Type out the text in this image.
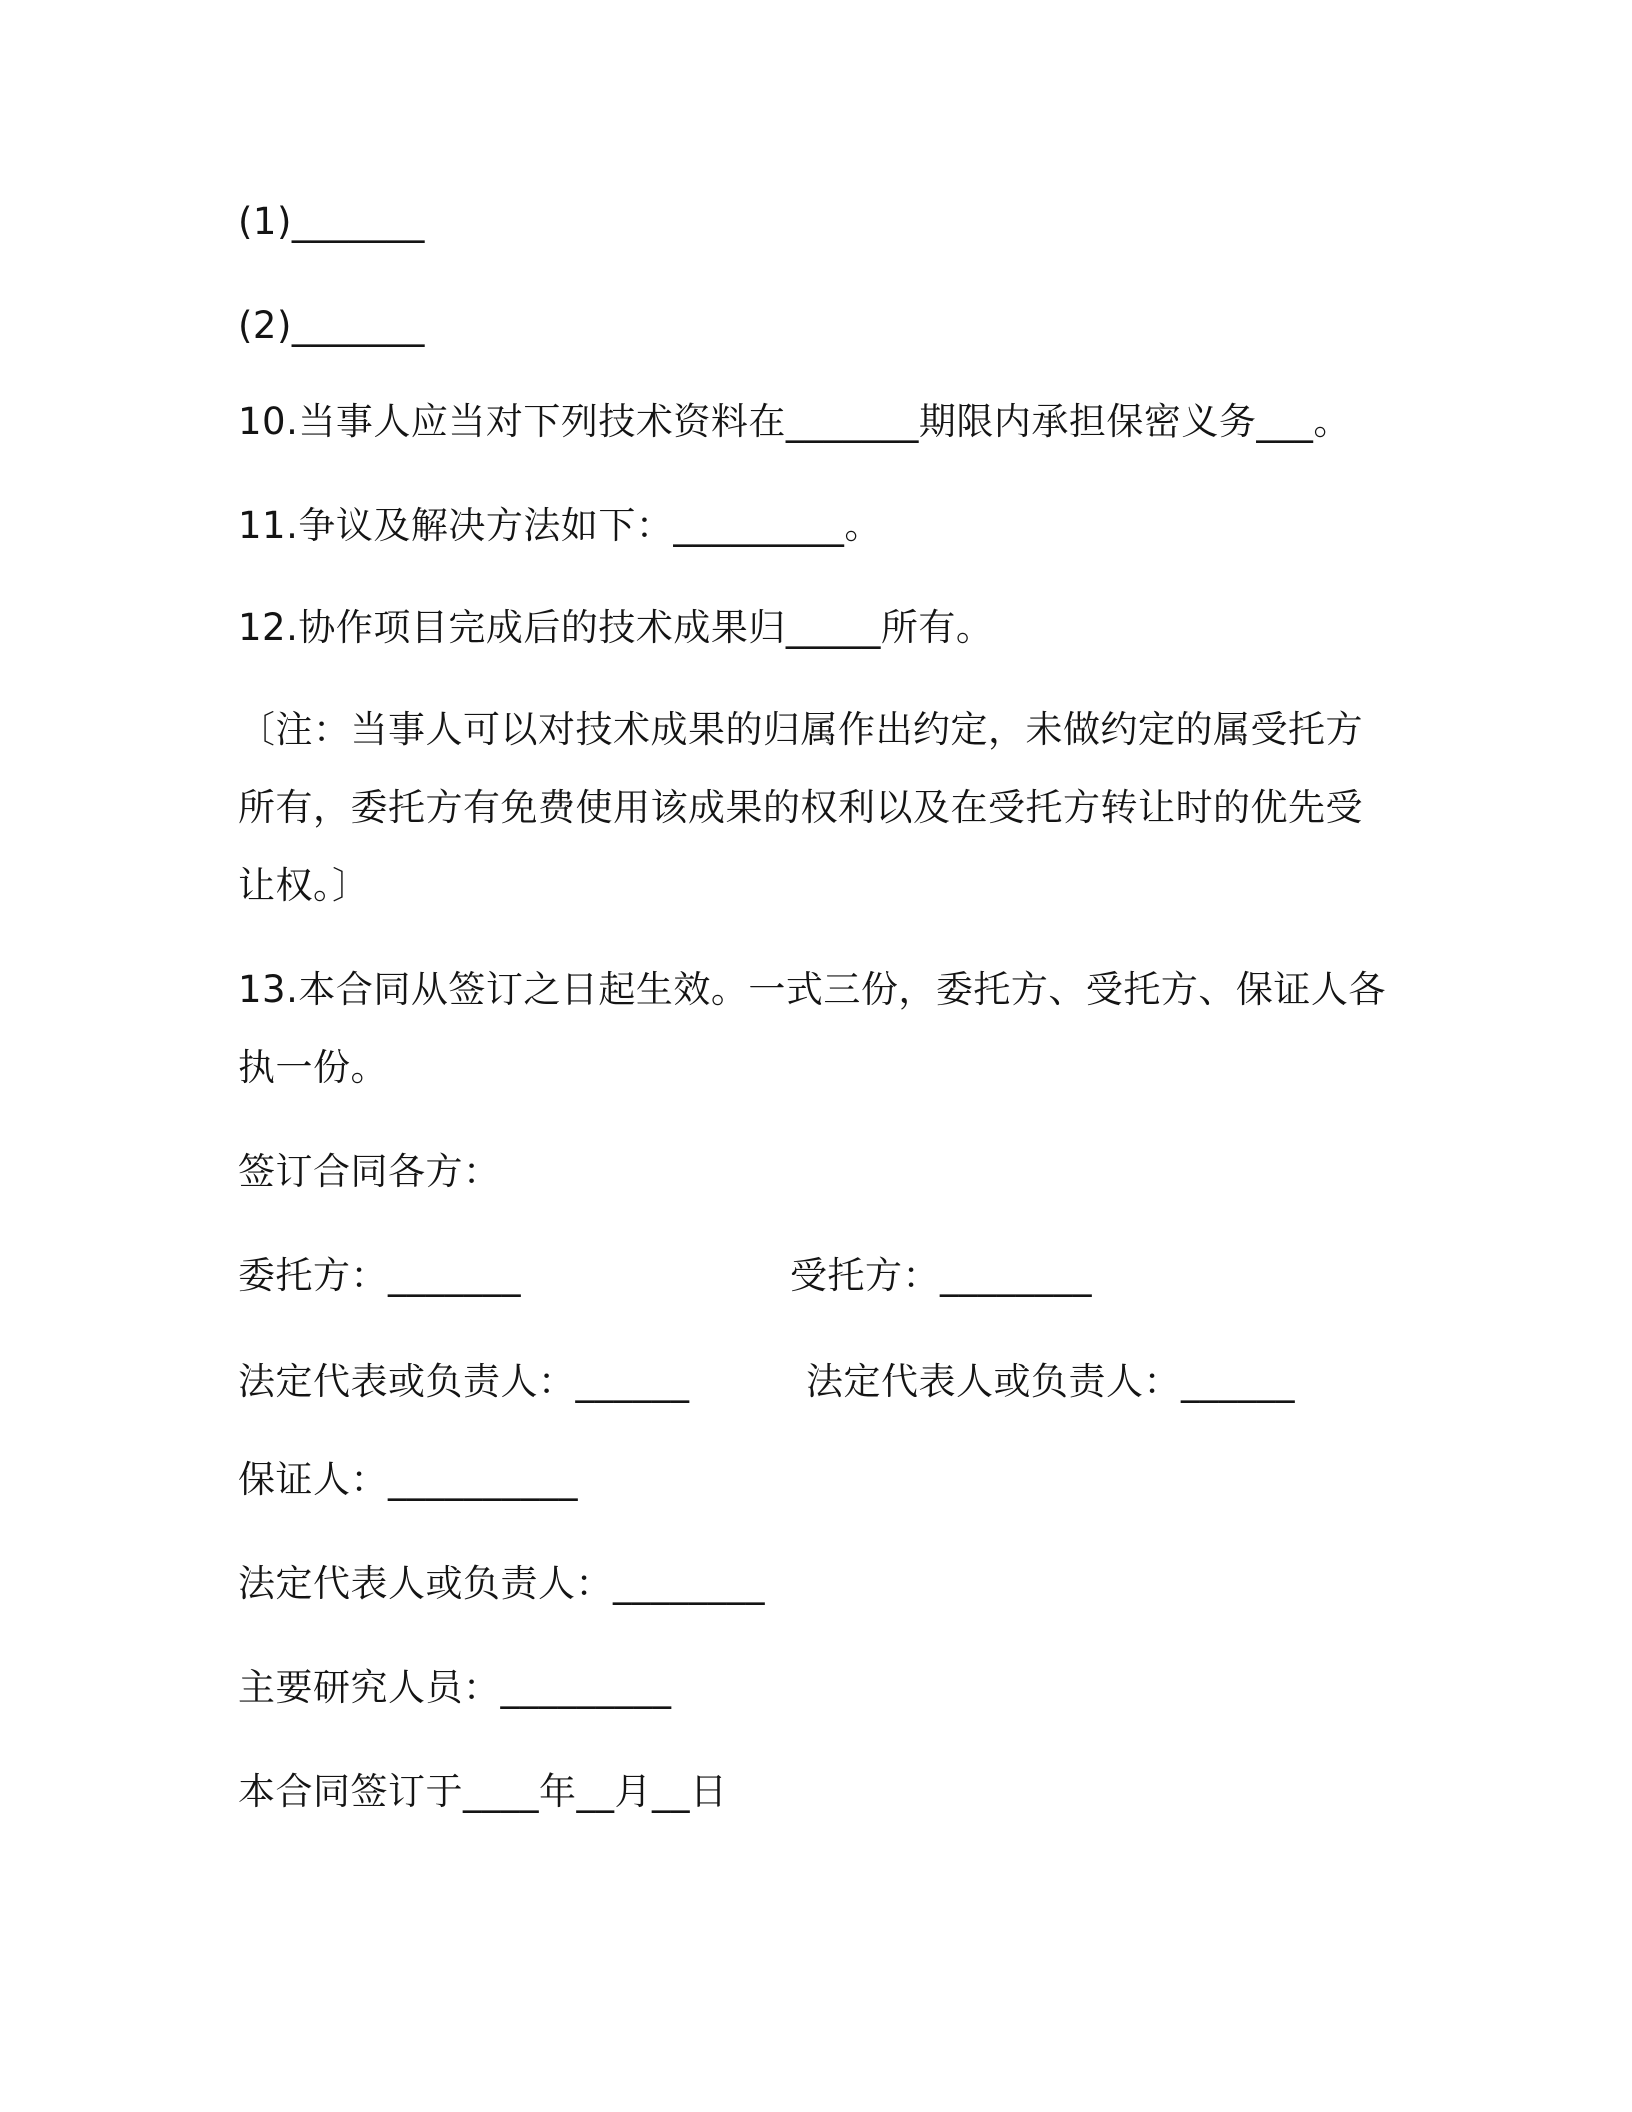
(1)_______

(2)_______

10.当事人应当对下列技术资料在_______期限内承担保密义务___。

11.争议及解决方法如下：_________。

12.协作项目完成后的技术成果归_____所有。

〔注：当事人可以对技术成果的归属作出约定，未做约定的属受托方

所有，委托方有免费使用该成果的权利以及在受托方转让时的优先受

让权。〕

13.本合同从签订之日起生效。一式三份，委托方、受托方、保证人各

执一份。

签订合同各方：

委托方：_______	受托方：________

法定代表或负责人：______	法定代表人或负责人：______

保证人：__________

法定代表人或负责人：________

主要研究人员：_________

本合同签订于____年__月__日
